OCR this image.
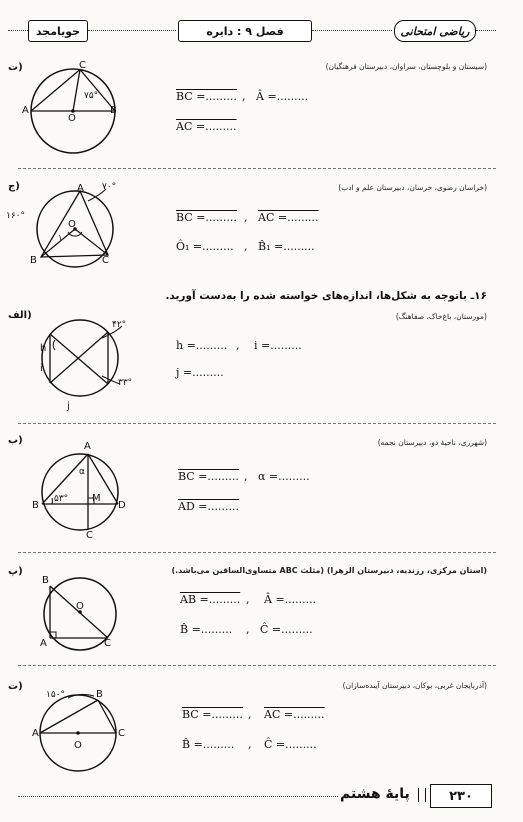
جویامجد	فصل ۹ : دایره	ریاضی امتحانی
(سیستان و بلوچستان، سراوان، دبیرستان فرهنگیان)
ت)	C
A	B
O
۷۵°	BC =......... , Â =.........
AC =.........
(خراسان رضوی، خرسان، دبیرستان علم و ادب)
ج)	A
B	C
O
۷۰°
۱۶۰°
۱
BC =......... , AC =.........
Ô₁ =......... , B̂₁ =.........
۱۶ـ باتوجه به شکل‌ها، اندازه‌های خواسته شده را به‌دست آورید.
(مورستان، باغ‌خاک، صفاهنگ)
الف)
h
i
j
۴۲°
۳۳°
h =......... , i =.........
j =.........
(شهرری، ناحیهٔ دو، دبیرستان نجمه)
ب)
A
B
C
D
M
α
۵۳°
BC =......... , α =.........
AD =.........
(استان مرکزی، رزندیه، دبیرستان الزهرا) (مثلث ABC متساوی‌الساقین می‌باشد.)
پ)
B
A	C
O
AB =......... , Â =.........
B̂ =......... , Ĉ =.........
(آذربایجان غربی، بوکان، دبیرستان آینده‌سازان)
ت)
A
B
C
O
۱۵۰°
BC =......... , AC =.........
B̂ =......... , Ĉ =.........
پایۀ هشتم	۲۳۰
